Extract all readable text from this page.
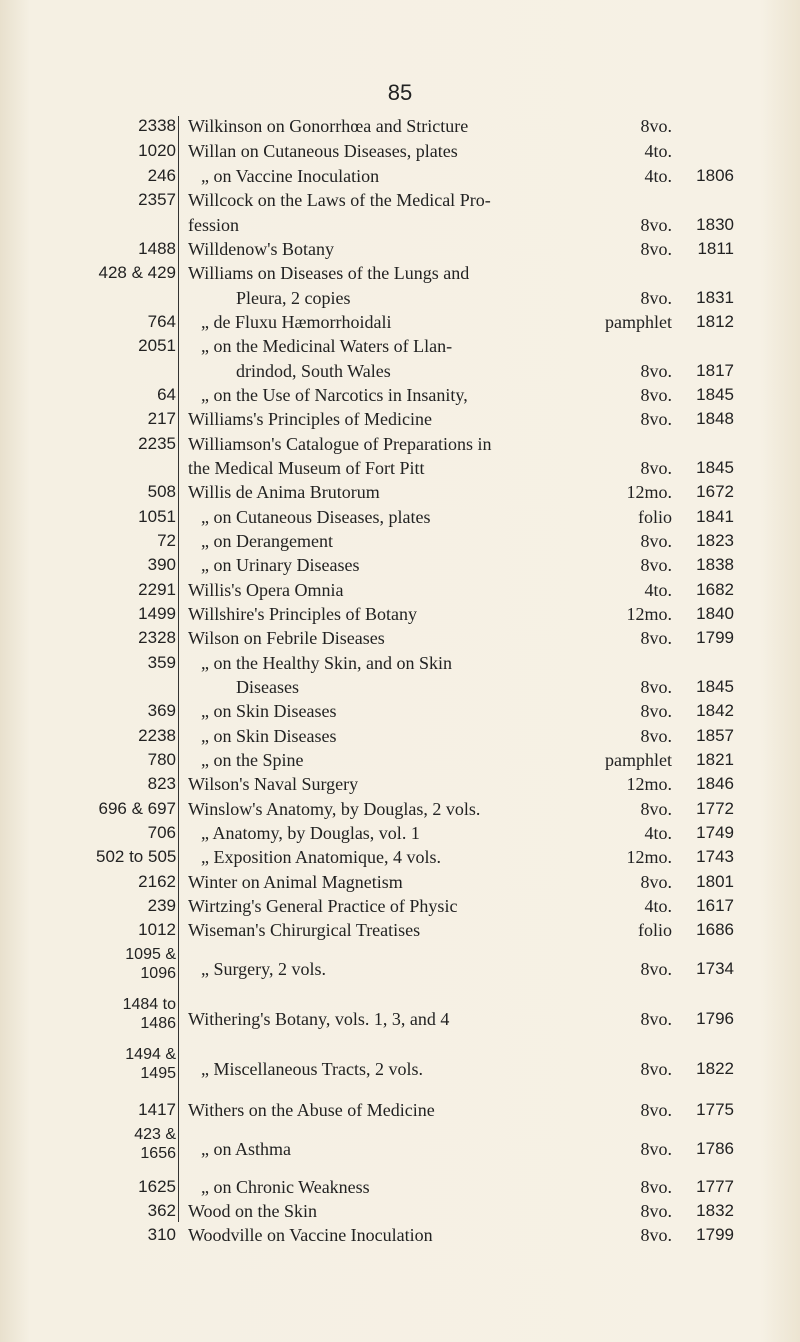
85
2338 Wilkinson on Gonorrhœa and Stricture	8vo.
1020 Willan on Cutaneous Diseases, plates	4to.
246 „ on Vaccine Inoculation	4to.	1806
2357 Willcock on the Laws of the Medical Pro-
fession	8vo.	1830
1488 Willdenow's Botany	8vo.	1811
428 & 429 Williams on Diseases of the Lungs and
Pleura, 2 copies	8vo.	1831
764 „ de Fluxu Hæmorrhoidali	pamphlet	1812
2051 „ on the Medicinal Waters of Llan-
drindod, South Wales	8vo.	1817
64 „ on the Use of Narcotics in Insanity,	8vo.	1845
217 Williams's Principles of Medicine	8vo.	1848
2235 Williamson's Catalogue of Preparations in
the Medical Museum of Fort Pitt	8vo.	1845
508 Willis de Anima Brutorum	12mo.	1672
1051 „ on Cutaneous Diseases, plates	folio	1841
72 „ on Derangement	8vo.	1823
390 „ on Urinary Diseases	8vo.	1838
2291 Willis's Opera Omnia	4to.	1682
1499 Willshire's Principles of Botany	12mo.	1840
2328 Wilson on Febrile Diseases	8vo.	1799
359 „ on the Healthy Skin, and on Skin
Diseases	8vo.	1845
369 „ on Skin Diseases	8vo.	1842
2238 „ on Skin Diseases	8vo.	1857
780 „ on the Spine	pamphlet	1821
823 Wilson's Naval Surgery	12mo.	1846
696 & 697 Winslow's Anatomy, by Douglas, 2 vols.	8vo.	1772
706 „ Anatomy, by Douglas, vol. 1	4to.	1749
502 to 505 „ Exposition Anatomique, 4 vols.	12mo.	1743
2162 Winter on Animal Magnetism	8vo.	1801
239 Wirtzing's General Practice of Physic	4to.	1617
1012 Wiseman's Chirurgical Treatises	folio	1686
1095 & 1096 „ Surgery, 2 vols.	8vo.	1734
1484 to 1486 Withering's Botany, vols. 1, 3, and 4	8vo.	1796
1494 & 1495 „ Miscellaneous Tracts, 2 vols.	8vo.	1822
1417 Withers on the Abuse of Medicine	8vo.	1775
423 & 1656 „ on Asthma	8vo.	1786
1625 „ on Chronic Weakness	8vo.	1777
362 Wood on the Skin	8vo.	1832
310 Woodville on Vaccine Inoculation	8vo.	1799
